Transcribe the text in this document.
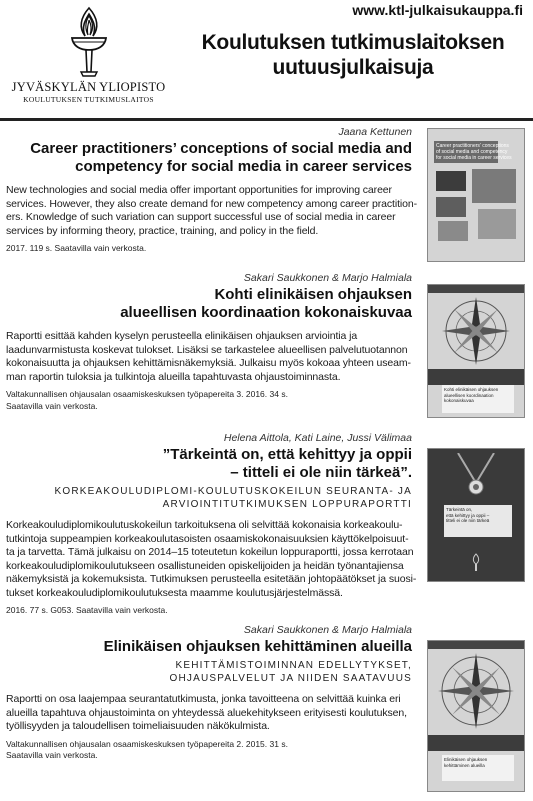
JYVÄSKYLÄN YLIOPISTO
KOULUTUKSEN TUTKIMUSLAITOS
www.ktl-julkaisukauppa.fi
Koulutuksen tutkimuslaitoksen
uutuusjulkaisuja
Jaana Kettunen
Career practitioners’ conceptions of social media and
competency for social media in career services
New technologies and social media offer important opportunities for improving career
services. However, they also create demand for new competency among career practition-
ers. Knowledge of such variation can support successful use of social media in career
services by informing theory, practice, training, and policy in the field.
2017. 119 s. Saatavilla vain verkosta.
Career practitioners’ conceptions
of social media and competency
for social media in career services
Sakari Saukkonen & Marjo Halmiala
Kohti elinikäisen ohjauksen
alueellisen koordinaation kokonaiskuvaa
Raportti esittää kahden kyselyn perusteella elinikäisen ohjauksen arviointia ja
laadunvarmistusta koskevat tulokset. Lisäksi se tarkastelee alueellisen palvelutuotannon
kokonaisuutta ja ohjauksen kehittämisnäkemyksiä. Julkaisu myös kokoaa yhteen useam-
man raportin tuloksia ja tulkintoja alueilla tapahtuvasta ohjaustoiminnasta.
Valtakunnallisen ohjausalan osaamiskeskuksen työpapereita 3. 2016. 34 s.
Saatavilla vain verkosta.
Kohti elinikäisen ohjauksen
alueellisen koordinaation
kokonaiskuvaa
Helena Aittola, Kati Laine, Jussi Välimaa
”Tärkeintä on, että kehittyy ja oppii
– titteli ei ole niin tärkeä”.
KORKEAKOULUDIPLOMI-KOULUTUSKOKEILUN SEURANTA- JA
ARVIOINTITUTKIMUKSEN LOPPURAPORTTI
Korkeakouludiplomikoulutuskokeilun tarkoituksena oli selvittää kokonaisia korkeakoulu-
tutkintoja suppeampien korkeakoulutasoisten osaamiskokonaisuuksien käyttökelpoisuut-
ta ja tarvetta. Tämä julkaisu on 2014–15 toteutetun kokeilun loppuraportti, jossa kerrotaan
korkeakouludiplomikoulutukseen osallistuneiden opiskelijoiden ja heidän työnantajiensa
näkemyksistä ja kokemuksista. Tutkimuksen perusteella esitetään johtopäätökset ja suosi-
tukset korkeakouludiplomikoulutuksesta maamme koulutusjärjestelmässä.
2016. 77 s. G053. Saatavilla vain verkosta.
Tärkeintä on,
että kehittyy ja oppii –
titteli ei ole niin tärkeä
Sakari Saukkonen & Marjo Halmiala
Elinikäisen ohjauksen kehittäminen alueilla
KEHITTÄMISTOIMINNAN EDELLYTYKSET,
OHJAUSPALVELUT JA NIIDEN SAATAVUUS
Raportti on osa laajempaa seurantatutkimusta, jonka tavoitteena on selvittää kuinka eri
alueilla tapahtuva ohjaustoiminta on yhteydessä aluekehitykseen erityisesti koulutuksen,
työllisyyden ja taloudellisen toimeliaisuuden näkökulmista.
Valtakunnallisen ohjausalan osaamiskeskuksen työpapereita 2. 2015. 31 s.
Saatavilla vain verkosta.	Elinikäisen ohjauksen
kehittäminen alueilla
